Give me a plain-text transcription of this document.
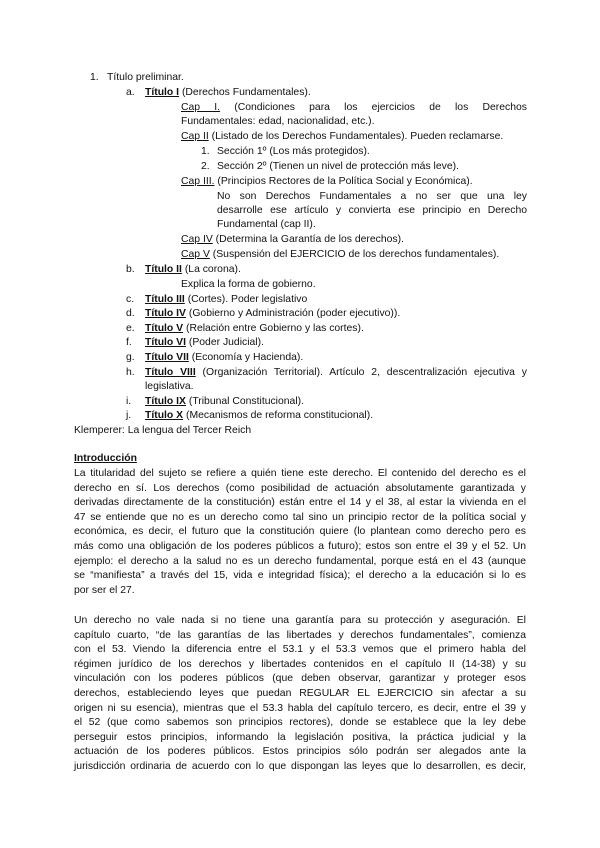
1. Título preliminar.
a. Título I (Derechos Fundamentales).
Cap I. (Condiciones para los ejercicios de los Derechos
Fundamentales: edad, nacionalidad, etc.).
Cap II (Listado de los Derechos Fundamentales). Pueden reclamarse.
1. Sección 1º (Los más protegidos).
2. Sección 2º (Tienen un nivel de protección más leve).
Cap III. (Principios Rectores de la Política Social y Económica).
No son Derechos Fundamentales a no ser que una ley
desarrolle ese artículo y convierta ese principio en Derecho
Fundamental (cap II).
Cap IV (Determina la Garantía de los derechos).
Cap V (Suspensión del EJERCICIO de los derechos fundamentales).
b. Título II (La corona).
Explica la forma de gobierno.
c. Título III (Cortes). Poder legislativo
d. Título IV (Gobierno y Administración (poder ejecutivo)).
e. Título V (Relación entre Gobierno y las cortes).
f. Título VI (Poder Judicial).
g. Título VII (Economía y Hacienda).
h. Título VIII (Organización Territorial). Artículo 2, descentralización ejecutiva y
legislativa.
i. Título IX (Tribunal Constitucional).
j. Título X (Mecanismos de reforma constitucional).
Klemperer: La lengua del Tercer Reich
Introducción
La titularidad del sujeto se refiere a quién tiene este derecho. El contenido del derecho es el
derecho en sí. Los derechos (como posibilidad de actuación absolutamente garantizada y
derivadas directamente de la constitución) están entre el 14 y el 38, al estar la vivienda en el
47 se entiende que no es un derecho como tal sino un principio rector de la política social y
económica, es decir, el futuro que la constitución quiere (lo plantean como derecho pero es
más como una obligación de los poderes públicos a futuro); estos son entre el 39 y el 52. Un
ejemplo: el derecho a la salud no es un derecho fundamental, porque está en el 43 (aunque
se “manifiesta” a través del 15, vida e integridad física); el derecho a la educación si lo es
por ser el 27.
Un derecho no vale nada si no tiene una garantía para su protección y aseguración. El
capítulo cuarto, “de las garantías de las libertades y derechos fundamentales”, comienza
con el 53. Viendo la diferencia entre el 53.1 y el 53.3 vemos que el primero habla del
régimen jurídico de los derechos y libertades contenidos en el capítulo II (14-38) y su
vinculación con los poderes públicos (que deben observar, garantizar y proteger esos
derechos, estableciendo leyes que puedan REGULAR EL EJERCICIO sin afectar a su
origen ni su esencia), mientras que el 53.3 habla del capítulo tercero, es decir, entre el 39 y
el 52 (que como sabemos son principios rectores), donde se establece que la ley debe
perseguir estos principios, informando la legislación positiva, la práctica judicial y la
actuación de los poderes públicos. Estos principios sólo podrán ser alegados ante la
jurisdicción ordinaria de acuerdo con lo que dispongan las leyes que lo desarrollen, es decir,
